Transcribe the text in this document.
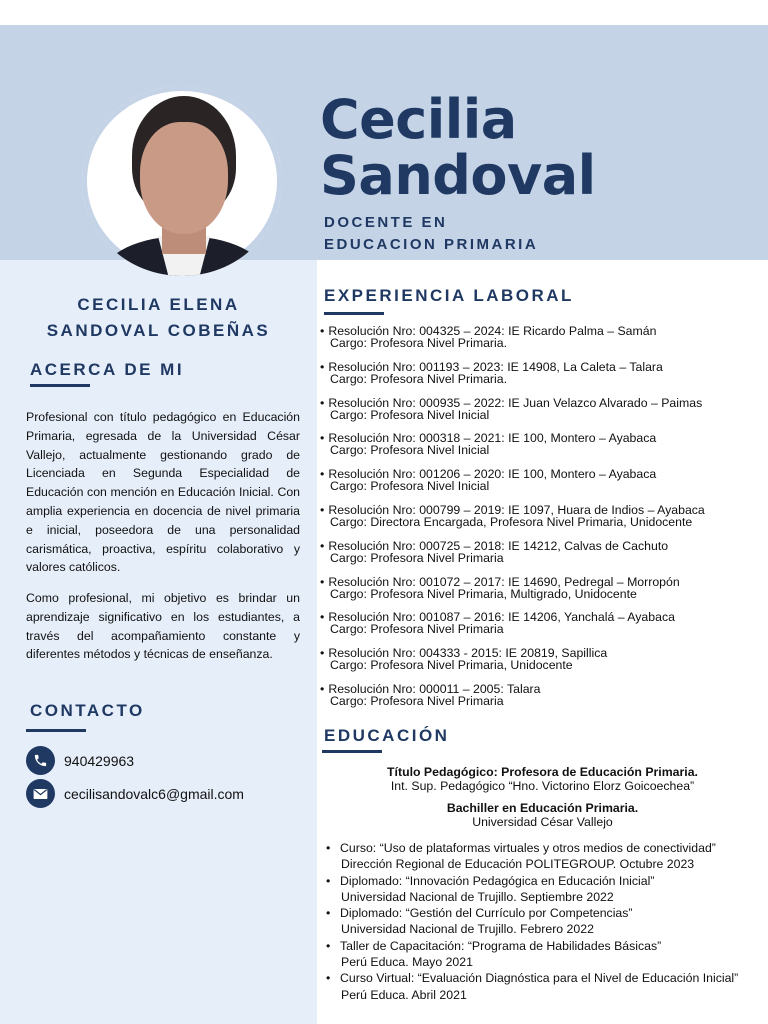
Cecilia
Sandoval
DOCENTE EN
EDUCACION PRIMARIA
CECILIA ELENA
SANDOVAL COBEÑAS
ACERCA DE MI

Profesional con título pedagógico en Educación Primaria, egresada de la Universidad César Vallejo, actualmente gestionando grado de Licenciada en Segunda Especialidad de Educación con mención en Educación Inicial. Con amplia experiencia en docencia de nivel primaria e inicial, poseedora de una personalidad carismática, proactiva, espíritu colaborativo y valores católicos.

Como profesional, mi objetivo es brindar un aprendizaje significativo en los estudiantes, a través del acompañamiento constante y diferentes métodos y técnicas de enseñanza.

CONTACTO
940429963
cecilisandovalc6@gmail.com
EXPERIENCIA LABORAL
• Resolución Nro: 004325 – 2024: IE Ricardo Palma – Samán
Cargo: Profesora Nivel Primaria.
• Resolución Nro: 001193 – 2023: IE 14908, La Caleta – Talara
Cargo: Profesora Nivel Primaria.
• Resolución Nro: 000935 – 2022: IE Juan Velazco Alvarado – Paimas
Cargo: Profesora Nivel Inicial
• Resolución Nro: 000318 – 2021: IE 100, Montero – Ayabaca
Cargo: Profesora Nivel Inicial
• Resolución Nro: 001206 – 2020: IE 100, Montero – Ayabaca
Cargo: Profesora Nivel Inicial
• Resolución Nro: 000799 – 2019: IE 1097, Huara de Indios – Ayabaca
Cargo: Directora Encargada, Profesora Nivel Primaria, Unidocente
• Resolución Nro: 000725 – 2018: IE 14212, Calvas de Cachuto
Cargo: Profesora Nivel Primaria
• Resolución Nro: 001072 – 2017: IE 14690, Pedregal – Morropón
Cargo: Profesora Nivel Primaria, Multigrado, Unidocente
• Resolución Nro: 001087 – 2016: IE 14206, Yanchalá – Ayabaca
Cargo: Profesora Nivel Primaria
• Resolución Nro: 004333 - 2015: IE 20819, Sapillica
Cargo: Profesora Nivel Primaria, Unidocente
• Resolución Nro: 000011 – 2005: Talara
Cargo: Profesora Nivel Primaria
EDUCACIÓN
Título Pedagógico: Profesora de Educación Primaria.
Int. Sup. Pedagógico “Hno. Victorino Elorz Goicoechea”
Bachiller en Educación Primaria.
Universidad César Vallejo
• Curso: “Uso de plataformas virtuales y otros medios de conectividad”
Dirección Regional de Educación POLITEGROUP. Octubre 2023
• Diplomado: “Innovación Pedagógica en Educación Inicial”
Universidad Nacional de Trujillo. Septiembre 2022
• Diplomado: “Gestión del Currículo por Competencias”
Universidad Nacional de Trujillo. Febrero 2022
• Taller de Capacitación: “Programa de Habilidades Básicas”
Perú Educa. Mayo 2021
• Curso Virtual: “Evaluación Diagnóstica para el Nivel de Educación Inicial”
Perú Educa. Abril 2021
